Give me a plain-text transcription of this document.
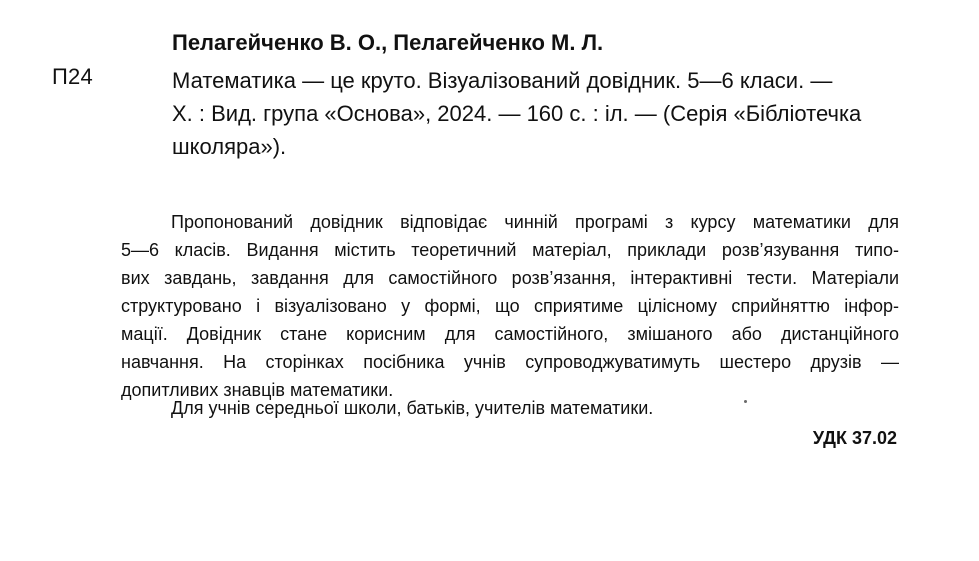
П24
Пелагейченко В. О., Пелагейченко М. Л.
Математика — це круто. Візуалізований довідник. 5—6 класи. —
Х. : Вид. група «Основа», 2024. — 160 с. : іл. — (Серія «Бібліотечка
школяра»).
Пропонований довідник відповідає чинній програмі з курсу математики для
5—6 класів. Видання містить теоретичний матеріал, приклади розв’язування типо-
вих завдань, завдання для самостійного розв’язання, інтерактивні тести. Матеріали
структуровано і візуалізовано у формі, що сприятиме цілісному сприйняттю інфор-
мації. Довідник стане корисним для самостійного, змішаного або дистанційного
навчання. На сторінках посібника учнів супроводжуватимуть шестеро друзів —
допитливих знавців математики.
Для учнів середньої школи, батьків, учителів математики.
УДК 37.02
